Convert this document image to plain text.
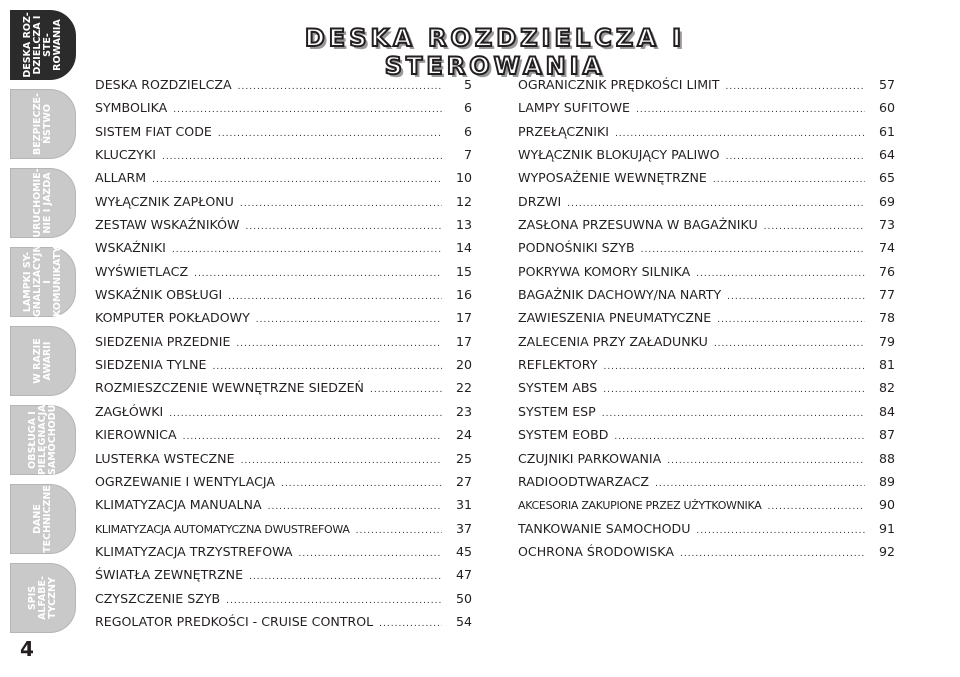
DESKA ROZ-
DZIELCZA I STE-
ROWANIA
BEZPIECZE-
ŃSTWO
URUCHOMIE-
NIE I JAZDA
LAMPKI SY-
GNALIZACYJNE
I KOMUNIKATY
W RAZIE
AWARII
OBSŁUGA I
PIELĘGNACJA
SAMOCHODU
DANE
TECHNICZNE
SPIS ALFABE-
TYCZNY
4
DESKA ROZDZIELCZA I STEROWANIA
DESKA ROZDZIELCZA .....	5
SYMBOLIKA .....	6
SISTEM FIAT CODE .....	6
KLUCZYKI .....	7
ALLARM .....	10
WYŁĄCZNIK ZAPŁONU .....	12
ZESTAW WSKAŹNIKÓW .....	13
WSKAŹNIKI .....	14
WYŚWIETLACZ .....	15
WSKAŹNIK OBSŁUGI .....	16
KOMPUTER POKŁADOWY .....	17
SIEDZENIA PRZEDNIE .....	17
SIEDZENIA TYLNE .....	20
ROZMIESZCZENIE WEWNĘTRZNE SIEDZEŃ .....	22
ZAGŁÓWKI .....	23
KIEROWNICA .....	24
LUSTERKA WSTECZNE .....	25
OGRZEWANIE I WENTYLACJA .....	27
KLIMATYZACJA MANUALNA .....	31
KLIMATYZACJA AUTOMATYCZNA DWUSTREFOWA .....	37
KLIMATYZACJA TRZYSTREFOWA .....	45
ŚWIATŁA ZEWNĘTRZNE .....	47
CZYSZCZENIE SZYB .....	50
REGOLATOR PREDKOŚCI - CRUISE CONTROL .....	54
OGRANICZNIK PRĘDKOŚCI LIMIT .....	57
LAMPY SUFITOWE .....	60
PRZEŁĄCZNIKI .....	61
WYŁĄCZNIK BLOKUJĄCY PALIWO .....	64
WYPOSAŻENIE WEWNĘTRZNE .....	65
DRZWI .....	69
ZASŁONA PRZESUWNA W BAGAŻNIKU .....	73
PODNOŚNIKI SZYB .....	74
POKRYWA KOMORY SILNIKA .....	76
BAGAŻNIK DACHOWY/NA NARTY .....	77
ZAWIESZENIA PNEUMATYCZNE .....	78
ZALECENIA PRZY ZAŁADUNKU .....	79
REFLEKTORY .....	81
SYSTEM ABS .....	82
SYSTEM ESP .....	84
SYSTEM EOBD .....	87
CZUJNIKI PARKOWANIA .....	88
RADIOODTWARZACZ .....	89
AKCESORIA ZAKUPIONE PRZEZ UŻYTKOWNIKA .....	90
TANKOWANIE SAMOCHODU .....	91
OCHRONA ŚRODOWISKA .....	92
